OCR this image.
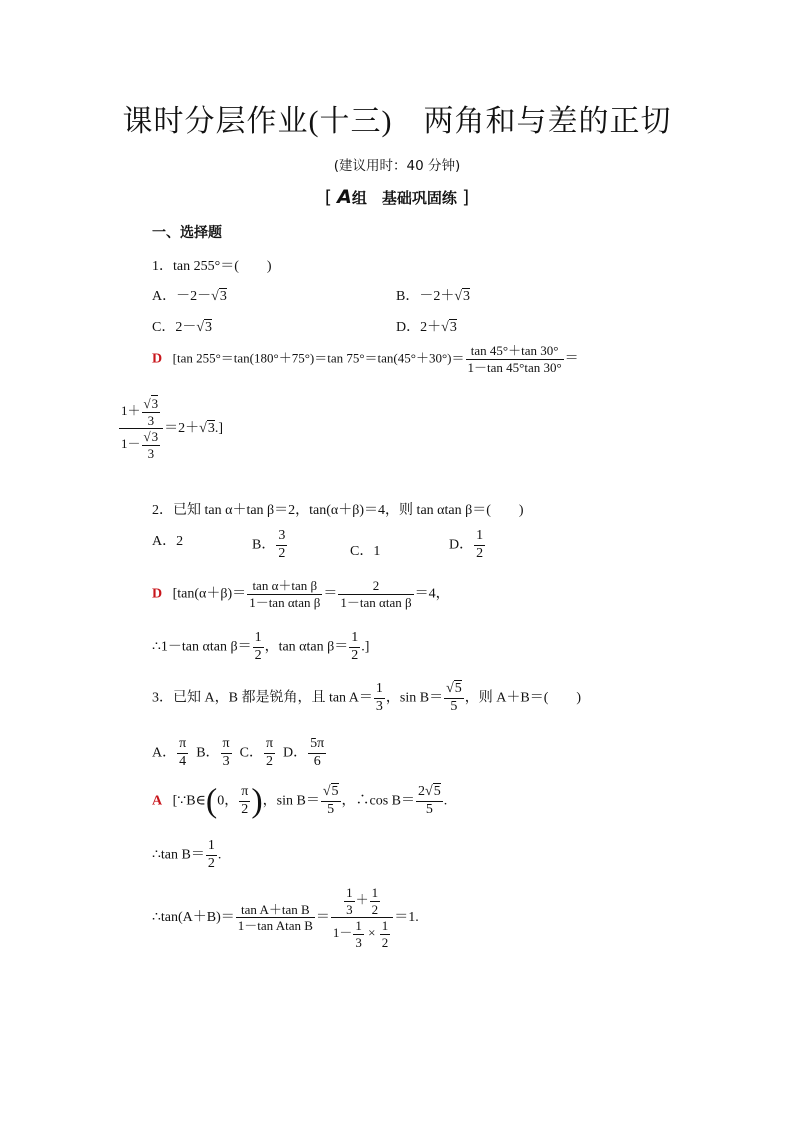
课时分层作业(十三)　两角和与差的正切
(建议用时：40 分钟)
[ A组　基础巩固练 ]
一、选择题
1．tan 255°＝(　　)
A．－2－√3	B．－2＋√3
C．2－√3	D．2＋√3
D [tan 255°＝tan(180°＋75°)＝tan $75^\circ=\tan(45^\circ+30^\circ)= \frac{\tan 45^\circ+\tan 30^\circ}{1-\tan 45^\circ\tan 30^\circ}$ ＝
$\frac{1+ \frac{√3}{3}}{1- \frac{√3}{3}} =2+√3$.]
2．已知 tan α＋tan β＝2，tan(α＋β)＝4，则 tan αtan β＝(　　)
A．2	B． $\frac{3}{2}$	C．1	D． $\frac{1}{2}$
D [$\tan(\alpha+\beta)= \frac{\text{tan α＋tan β}}{\text{1－tan αtan β}} = \frac{2}{\text{1－tan αtan β}} =4$，
∴1－tan αtan $\beta= \frac{1}{2}$ ，tan αtan $\beta= \frac{1}{2}$ .]
3．已知 A，B 都是锐角，且 $\tan A= \frac{1}{3}$ ，$\sin B= \frac{√5}{5}$ ，则 A＋B＝(　　)
A． $\frac{\pi}{4}$ B． $\frac{\pi}{3}$ C． $\frac{\pi}{2}$ D． $\frac{5\pi}{6}$
A [∵B∈(0， $\frac{\pi}{2}$ )，$\sin B= \frac{√5}{5}$ ，∴cos $B= \frac{2√5}{5}$ .
∴tan $B= \frac{1}{2}$ .
∴tan(A＋B)＝ $\frac{\text{tan A＋tan B}}{\text{1－tan Atan B}} = \frac{\frac{1}{3} + \frac{1}{2}}{1- \frac{1}{3} \times \frac{1}{2}} =1$.
